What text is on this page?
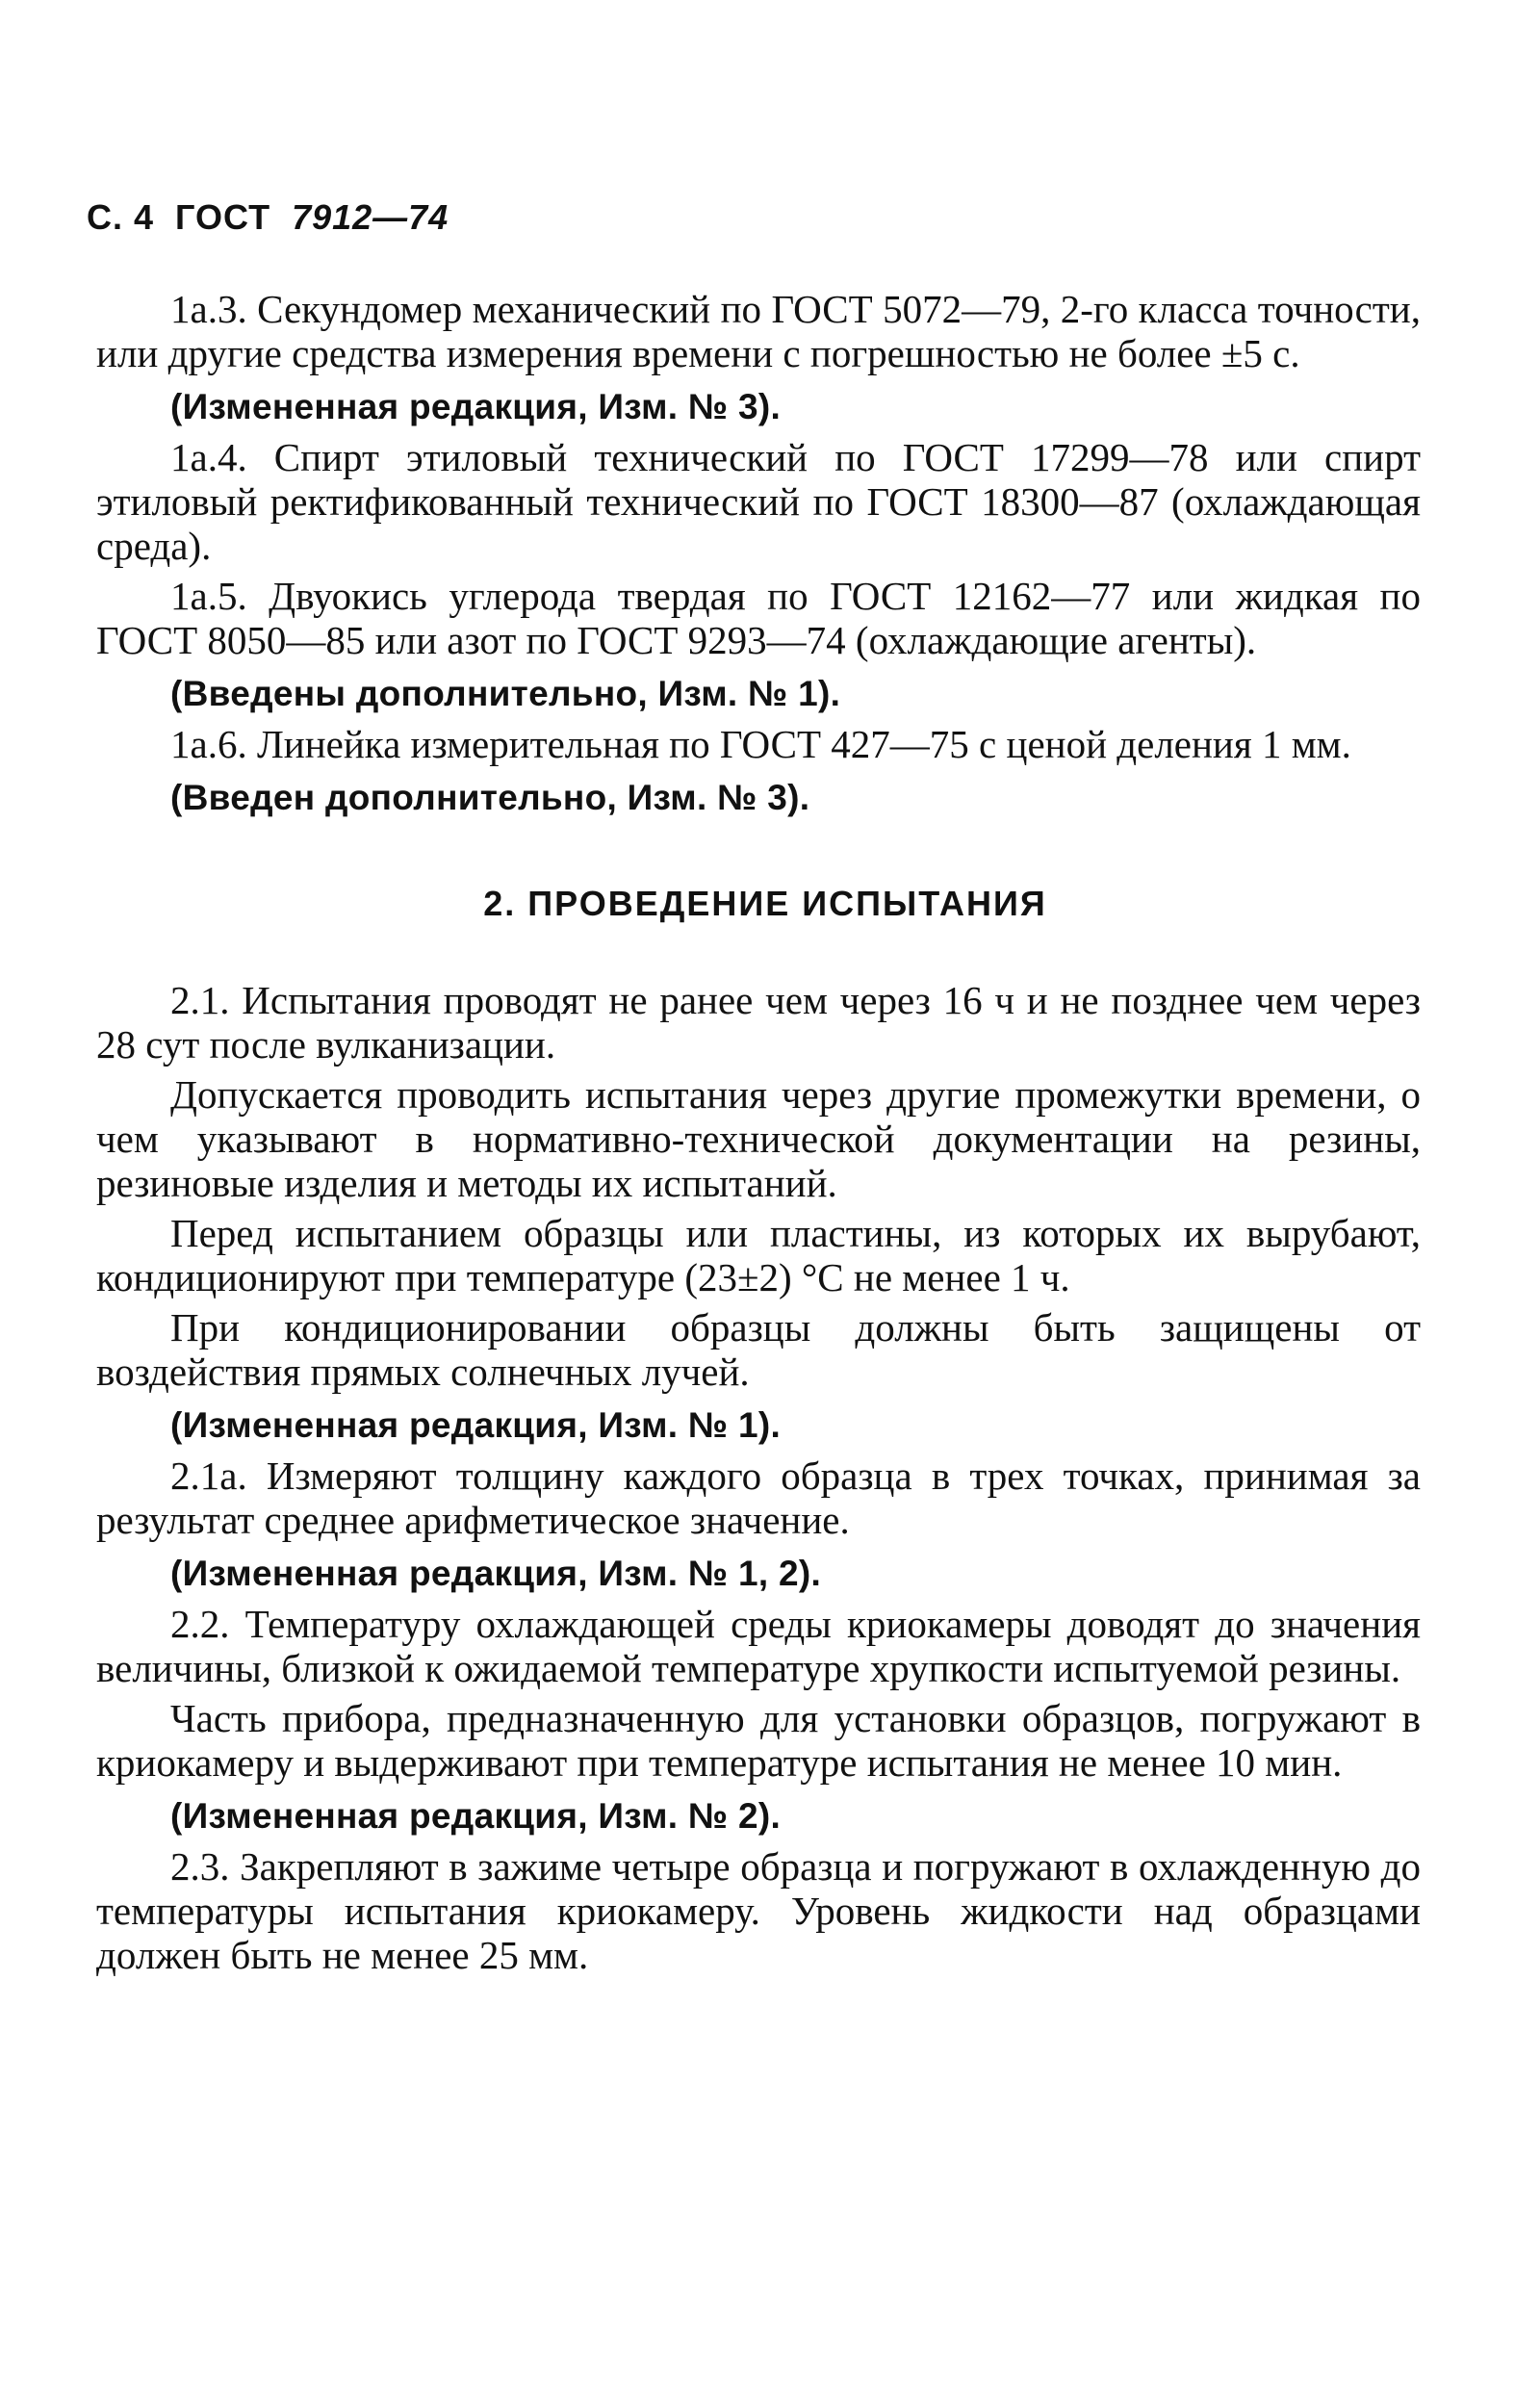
С. 4 ГОСТ 7912—74

1а.3. Секундомер механический по ГОСТ 5072—79, 2-го класса точности, или другие средства измерения времени с погрешностью не более ±5 с.

(Измененная редакция, Изм. № 3).

1а.4. Спирт этиловый технический по ГОСТ 17299—78 или спирт этиловый ректификованный технический по ГОСТ 18300—87 (охлаждающая среда).

1а.5. Двуокись углерода твердая по ГОСТ 12162—77 или жидкая по ГОСТ 8050—85 или азот по ГОСТ 9293—74 (охлаждающие агенты).

(Введены дополнительно, Изм. № 1).

1а.6. Линейка измерительная по ГОСТ 427—75 с ценой деления 1 мм.

(Введен дополнительно, Изм. № 3).

2. ПРОВЕДЕНИЕ ИСПЫТАНИЯ

2.1. Испытания проводят не ранее чем через 16 ч и не позднее чем через 28 сут после вулканизации.

Допускается проводить испытания через другие промежутки времени, о чем указывают в нормативно-технической документации на резины, резиновые изделия и методы их испытаний.

Перед испытанием образцы или пластины, из которых их вырубают, кондиционируют при температуре (23±2) °С не менее 1 ч.

При кондиционировании образцы должны быть защищены от воздействия прямых солнечных лучей.

(Измененная редакция, Изм. № 1).

2.1а. Измеряют толщину каждого образца в трех точках, принимая за результат среднее арифметическое значение.

(Измененная редакция, Изм. № 1, 2).

2.2. Температуру охлаждающей среды криокамеры доводят до значения величины, близкой к ожидаемой температуре хрупкости испытуемой резины.

Часть прибора, предназначенную для установки образцов, погружают в криокамеру и выдерживают при температуре испытания не менее 10 мин.

(Измененная редакция, Изм. № 2).

2.3. Закрепляют в зажиме четыре образца и погружают в охлажденную до температуры испытания криокамеру. Уровень жидкости над образцами должен быть не менее 25 мм.
